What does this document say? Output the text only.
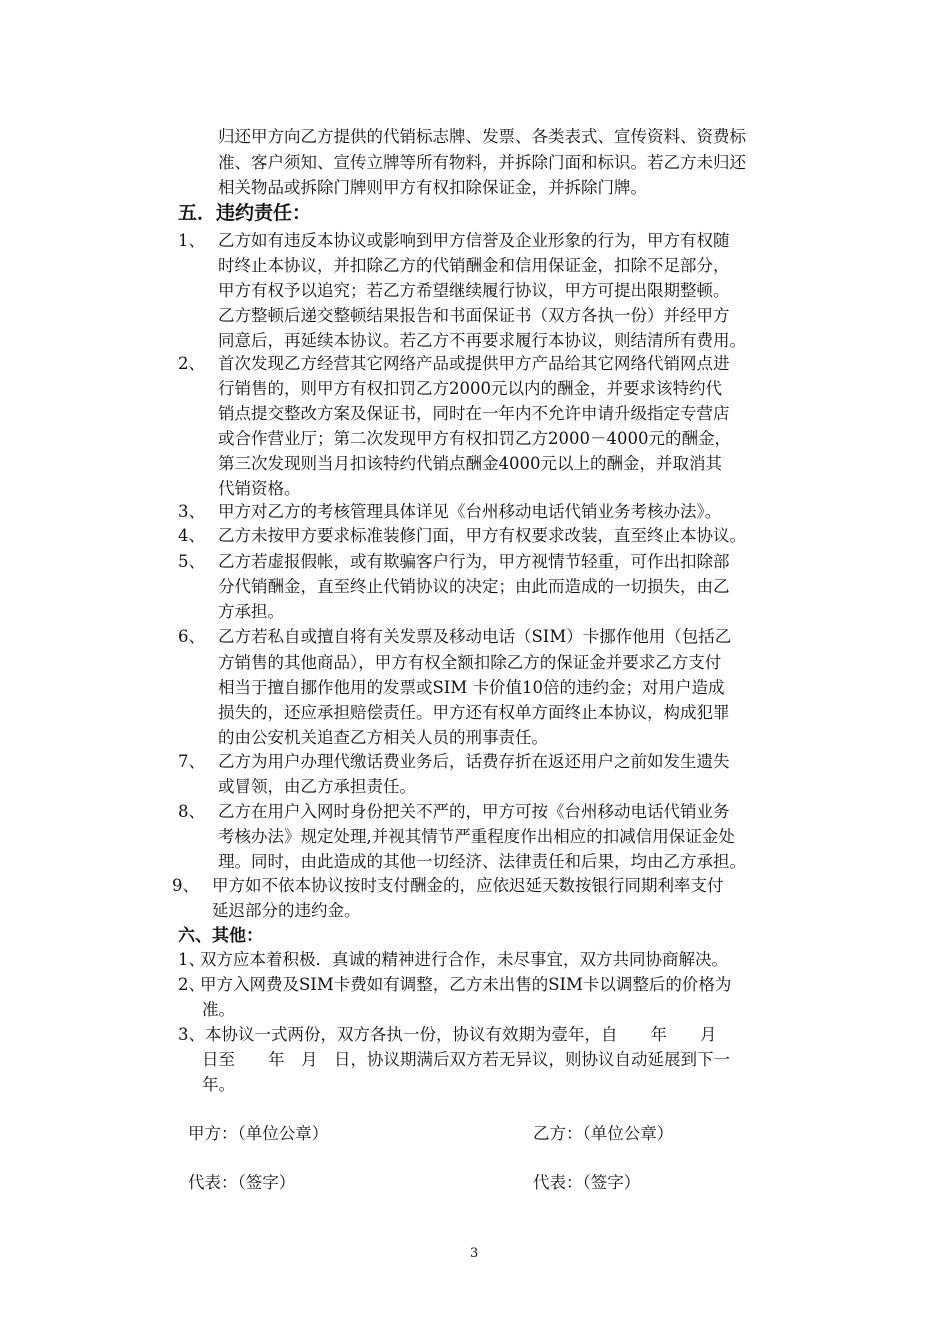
归还甲方向乙方提供的代销标志牌、发票、各类表式、宣传资料、资费标
准、客户须知、宣传立牌等所有物料，并拆除门面和标识。若乙方未归还
相关物品或拆除门牌则甲方有权扣除保证金，并拆除门牌。
五．违约责任：
1、 乙方如有违反本协议或影响到甲方信誉及企业形象的行为，甲方有权随
时终止本协议，并扣除乙方的代销酬金和信用保证金，扣除不足部分，
甲方有权予以追究；若乙方希望继续履行协议，甲方可提出限期整顿。
乙方整顿后递交整顿结果报告和书面保证书（双方各执一份）并经甲方
同意后，再延续本协议。若乙方不再要求履行本协议，则结清所有费用。
2、 首次发现乙方经营其它网络产品或提供甲方产品给其它网络代销网点进
行销售的，则甲方有权扣罚乙方2000元以内的酬金，并要求该特约代
销点提交整改方案及保证书，同时在一年内不允许申请升级指定专营店
或合作营业厅；第二次发现甲方有权扣罚乙方2000－4000元的酬金，
第三次发现则当月扣该特约代销点酬金4000元以上的酬金，并取消其
代销资格。
3、 甲方对乙方的考核管理具体详见《台州移动电话代销业务考核办法》。
4、 乙方未按甲方要求标准装修门面，甲方有权要求改装，直至终止本协议。
5、 乙方若虚报假帐，或有欺骗客户行为，甲方视情节轻重，可作出扣除部
分代销酬金，直至终止代销协议的决定；由此而造成的一切损失，由乙
方承担。
6、 乙方若私自或擅自将有关发票及移动电话（SIM）卡挪作他用（包括乙
方销售的其他商品），甲方有权全额扣除乙方的保证金并要求乙方支付
相当于擅自挪作他用的发票或SIM 卡价值10倍的违约金；对用户造成
损失的，还应承担赔偿责任。甲方还有权单方面终止本协议，构成犯罪
的由公安机关追查乙方相关人员的刑事责任。
7、 乙方为用户办理代缴话费业务后，话费存折在返还用户之前如发生遗失
或冒领，由乙方承担责任。
8、 乙方在用户入网时身份把关不严的，甲方可按《台州移动电话代销业务
考核办法》规定处理,并视其情节严重程度作出相应的扣减信用保证金处
理。同时，由此造成的其他一切经济、法律责任和后果，均由乙方承担。
9、 甲方如不依本协议按时支付酬金的，应依迟延天数按银行同期利率支付
延迟部分的违约金。
六、其他：
1、
双方应本着积极．真诚的精神进行合作，未尽事宜，双方共同协商解决。
2、
甲方入网费及SIM卡费如有调整，乙方未出售的SIM卡以调整后的价格为
准。
3、 本协议一式两份，双方各执一份，协议有效期为壹年，自　　年　　月
日至　　年　月　日，协议期满后双方若无异议，则协议自动延展到下一
年。
甲方：（单位公章）	乙方：（单位公章）
代表：（签字）	代表：（签字）
3
